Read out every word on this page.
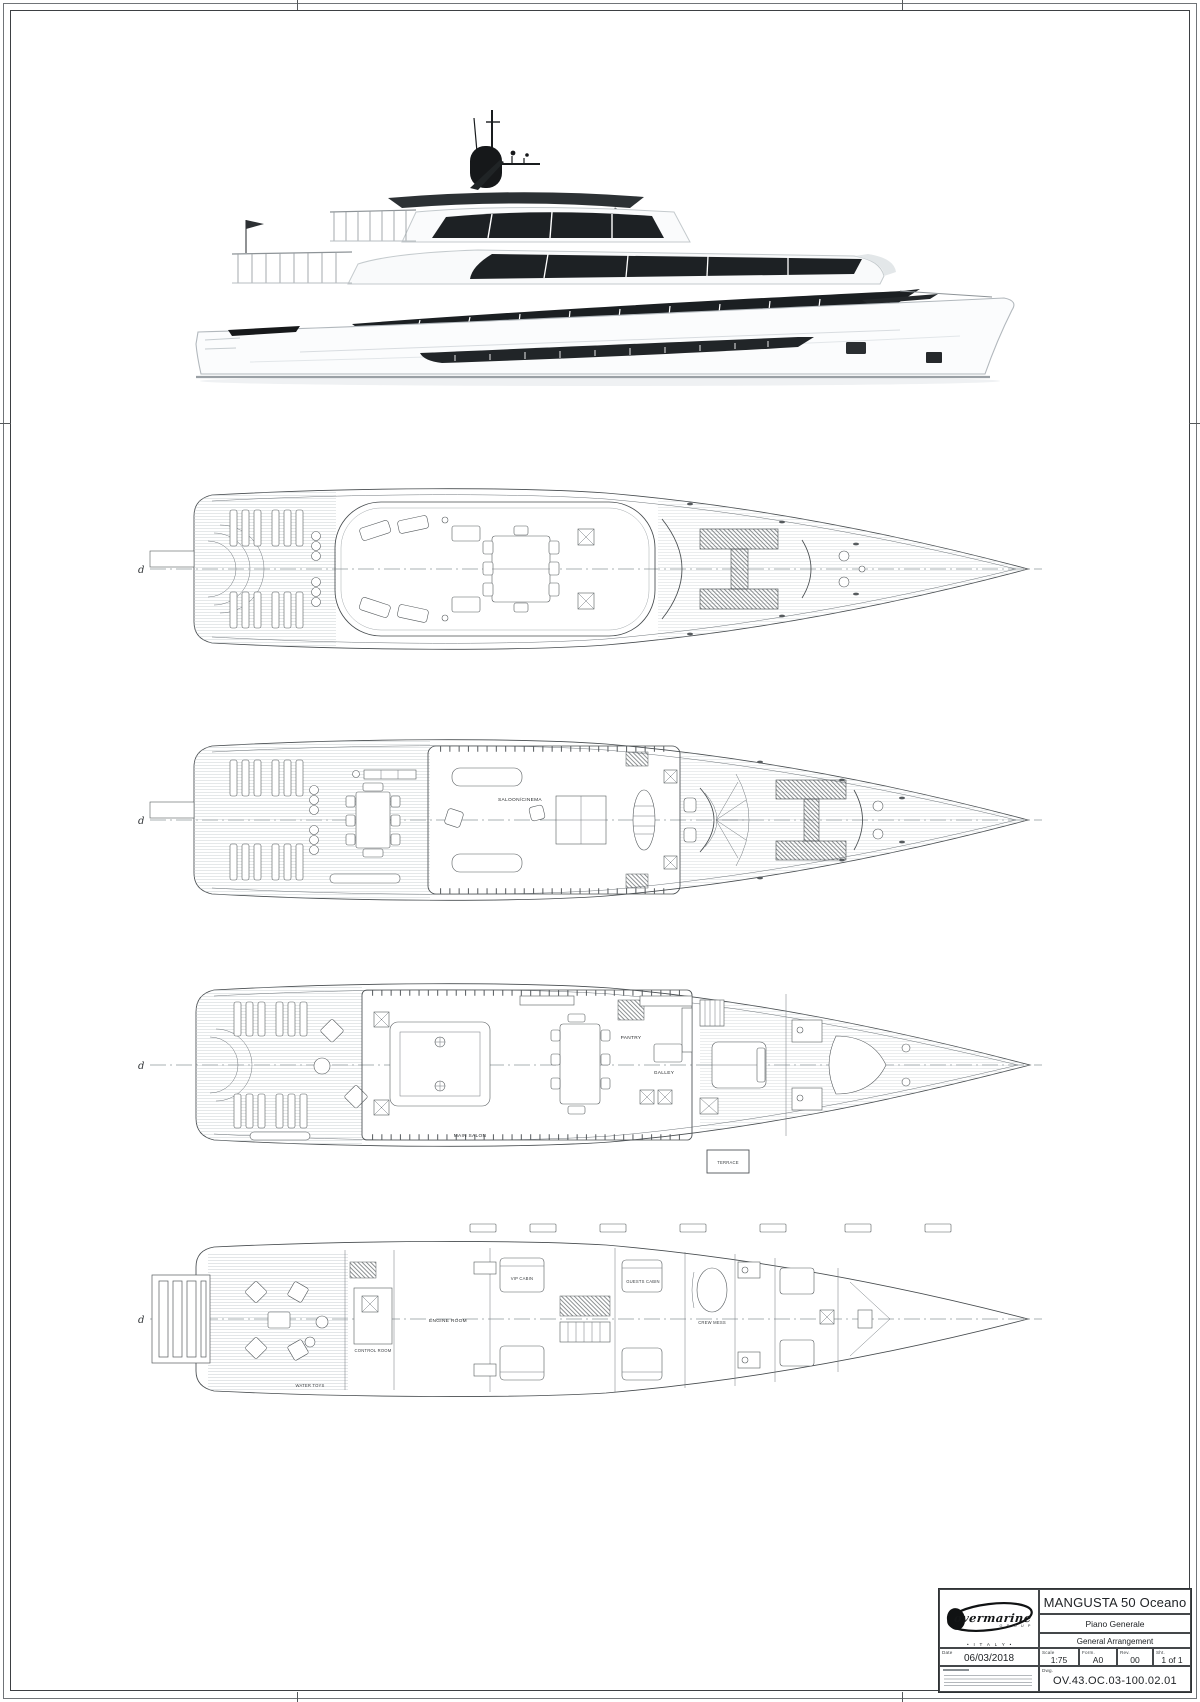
d
d
SALOON/CINEMA
d
MAIN SALON
PANTRY
GALLEY
TERRACE
d
WATER TOYS
CONTROL ROOM
ENGINE ROOM
VIP CABIN
GUESTS CABIN
CREW MESS
overmarine
G R O U P
• I T A L Y •
MANGUSTA 50 Oceano
Piano Generale
General Arrangement
Date
06/03/2018
Scale
1:75
Form.
A0
Rev.
00
Sht.
1 of 1
Dwg.
OV.43.OC.03-100.02.01
